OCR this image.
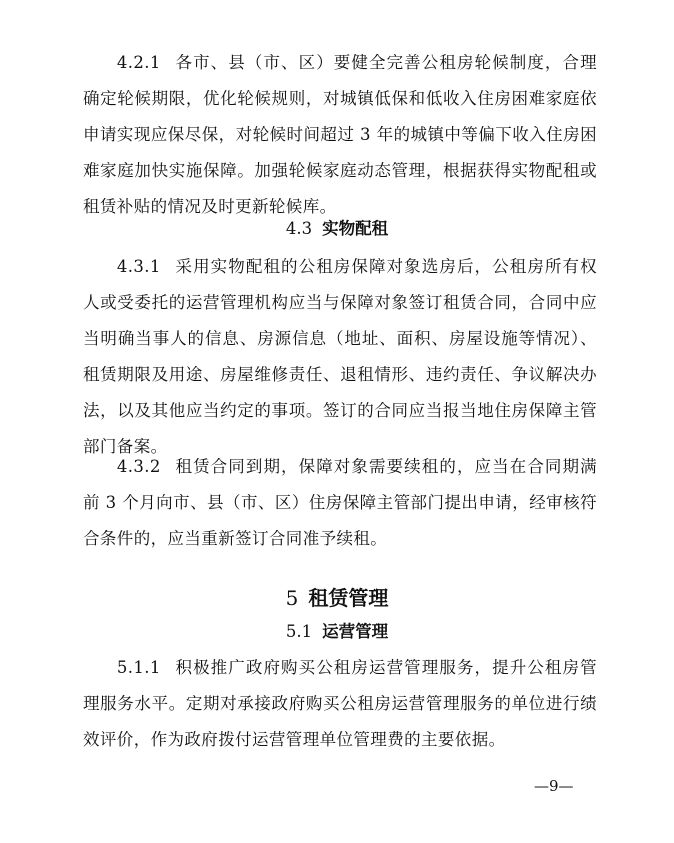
  4.2.1 各市、县（市、区）要健全完善公租房轮候制度，合理确定轮候期限，优化轮候规则，对城镇低保和低收入住房困难家庭依申请实现应保尽保，对轮候时间超过 3 年的城镇中等偏下收入住房困难家庭加快实施保障。加强轮候家庭动态管理，根据获得实物配租或租赁补贴的情况及时更新轮候库。

4.3 实物配租

  4.3.1 采用实物配租的公租房保障对象选房后，公租房所有权人或受委托的运营管理机构应当与保障对象签订租赁合同，合同中应当明确当事人的信息、房源信息（地址、面积、房屋设施等情况）、租赁期限及用途、房屋维修责任、退租情形、违约责任、争议解决办法，以及其他应当约定的事项。签订的合同应当报当地住房保障主管部门备案。

  4.3.2 租赁合同到期，保障对象需要续租的，应当在合同期满前 3 个月向市、县（市、区）住房保障主管部门提出申请，经审核符合条件的，应当重新签订合同准予续租。

5 租赁管理
5.1 运营管理

  5.1.1 积极推广政府购买公租房运营管理服务，提升公租房管理服务水平。定期对承接政府购买公租房运营管理服务的单位进行绩效评价，作为政府拨付运营管理单位管理费的主要依据。

—9—
